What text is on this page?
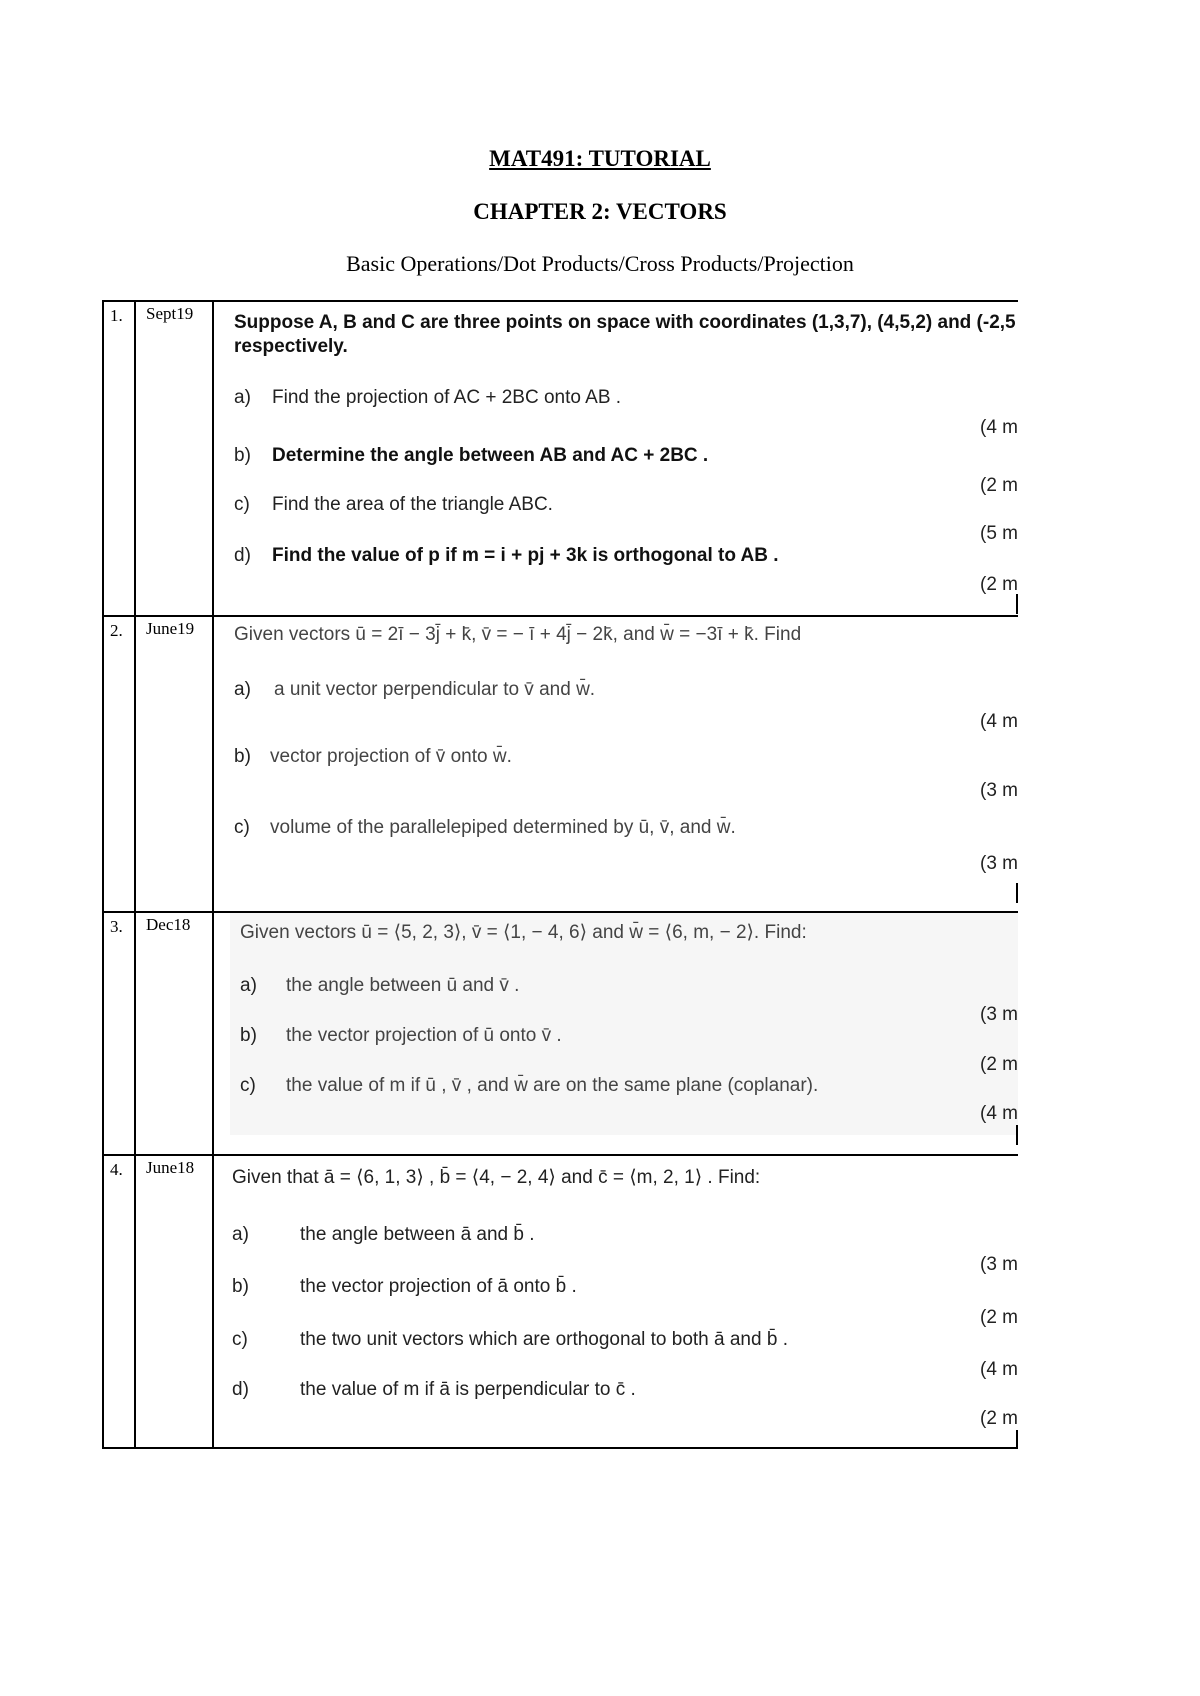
MAT491: TUTORIAL
CHAPTER 2: VECTORS
Basic Operations/Dot Products/Cross Products/Projection
1. Sept19 Suppose A, B and C are three points on space with coordinates (1,3,7), (4,5,2) and (-2,5
respectively.
a) Find the projection of AC + 2BC onto AB .
(4 m
b) Determine the angle between AB and AC + 2BC .
(2 m
c) Find the area of the triangle ABC.
(5 m
d) Find the value of p if m = i + pj + 3k is orthogonal to AB .
(2 m
2. June19 Given vectors ū = 2ī − 3j̄ + k̄, v̄ = − ī + 4j̄ − 2k̄, and w̄ = −3ī + k̄. Find
a) a unit vector perpendicular to v̄ and w̄.
(4 m
b) vector projection of v̄ onto w̄.
(3 m
c) volume of the parallelepiped determined by ū, v̄, and w̄.
(3 m
3. Dec18	Given vectors ū = ⟨5, 2, 3⟩, v̄ = ⟨1, − 4, 6⟩ and w̄ = ⟨6, m, − 2⟩. Find:
a) the angle between ū and v̄ .
(3 m
b) the vector projection of ū onto v̄ .
(2 m
c) the value of m if ū , v̄ , and w̄ are on the same plane (coplanar).
(4 m
4. June18 Given that ā = ⟨6, 1, 3⟩ , b̄ = ⟨4, − 2, 4⟩ and c̄ = ⟨m, 2, 1⟩ . Find:
a)	the angle between ā and b̄ .
(3 m
b)	the vector projection of ā onto b̄ .
(2 m
c)	the two unit vectors which are orthogonal to both ā and b̄ .
(4 m
d)	the value of m if ā is perpendicular to c̄ .
(2 m
